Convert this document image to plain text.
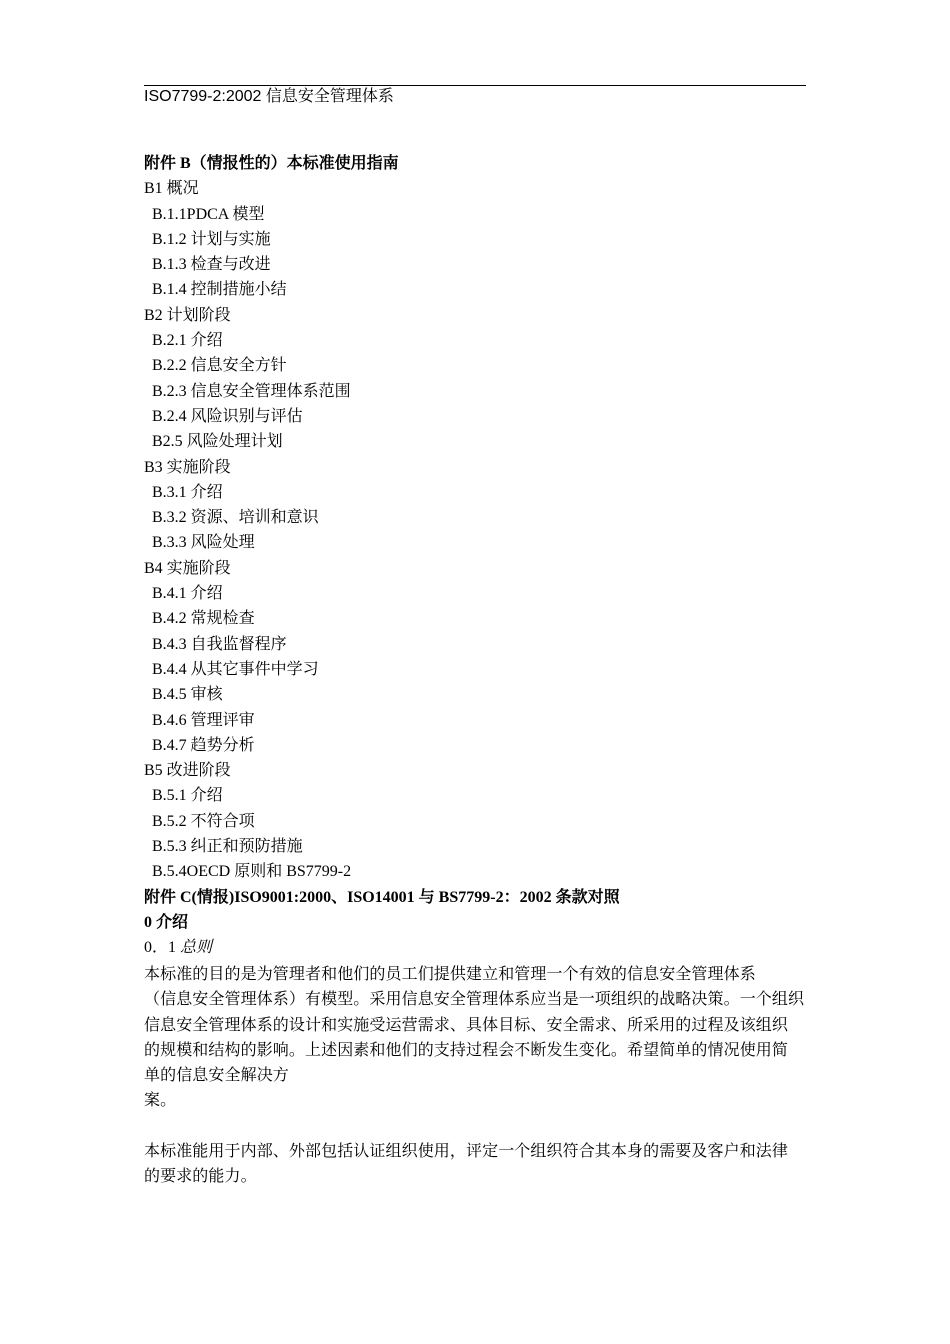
ISO7799-2:2002 信息安全管理体系
附件 B（情报性的）本标准使用指南
B1 概况
B.1.1PDCA 模型
B.1.2 计划与实施
B.1.3 检查与改进
B.1.4 控制措施小结
B2 计划阶段
B.2.1 介绍
B.2.2 信息安全方针
B.2.3 信息安全管理体系范围
B.2.4 风险识别与评估
B2.5 风险处理计划
B3 实施阶段
B.3.1 介绍
B.3.2 资源、培训和意识
B.3.3 风险处理
B4 实施阶段
B.4.1 介绍
B.4.2 常规检查
B.4.3 自我监督程序
B.4.4 从其它事件中学习
B.4.5 审核
B.4.6 管理评审
B.4.7 趋势分析
B5 改进阶段
B.5.1 介绍
B.5.2 不符合项
B.5.3 纠正和预防措施
B.5.4OECD 原则和 BS7799-2
附件 C(情报)ISO9001:2000、ISO14001 与 BS7799-2：2002 条款对照
0 介绍
0．1 总则
本标准的目的是为管理者和他们的员工们提供建立和管理一个有效的信息安全管理体系
（信息安全管理体系）有模型。采用信息安全管理体系应当是一项组织的战略决策。一个组织
信息安全管理体系的设计和实施受运营需求、具体目标、安全需求、所采用的过程及该组织
的规模和结构的影响。上述因素和他们的支持过程会不断发生变化。希望简单的情况使用简
单的信息安全解决方
案。
本标准能用于内部、外部包括认证组织使用，评定一个组织符合其本身的需要及客户和法律
的要求的能力。
